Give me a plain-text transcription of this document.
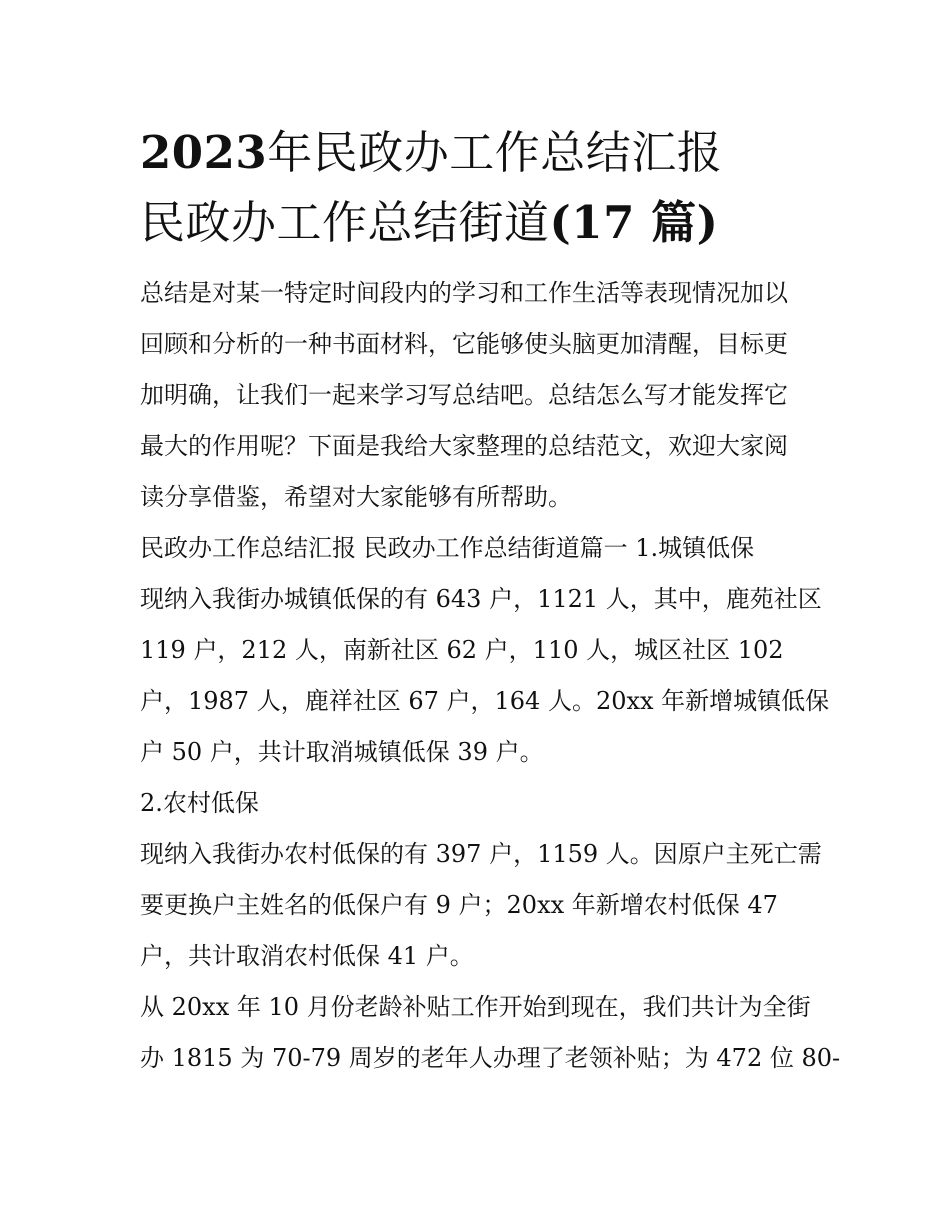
2023年民政办工作总结汇报
民政办工作总结街道(17 篇)
总结是对某一特定时间段内的学习和工作生活等表现情况加以
回顾和分析的一种书面材料，它能够使头脑更加清醒，目标更
加明确，让我们一起来学习写总结吧。总结怎么写才能发挥它
最大的作用呢？下面是我给大家整理的总结范文，欢迎大家阅
读分享借鉴，希望对大家能够有所帮助。
民政办工作总结汇报 民政办工作总结街道篇一 1.城镇低保
现纳入我街办城镇低保的有 643 户，1121 人，其中，鹿苑社区
119 户，212 人，南新社区 62 户，110 人，城区社区 102
户，1987 人，鹿祥社区 67 户，164 人。20xx 年新增城镇低保
户 50 户，共计取消城镇低保 39 户。
2.农村低保
现纳入我街办农村低保的有 397 户，1159 人。因原户主死亡需
要更换户主姓名的低保户有 9 户；20xx 年新增农村低保 47
户，共计取消农村低保 41 户。
从 20xx 年 10 月份老龄补贴工作开始到现在，我们共计为全街
办 1815 为 70-79 周岁的老年人办理了老领补贴；为 472 位 80-
